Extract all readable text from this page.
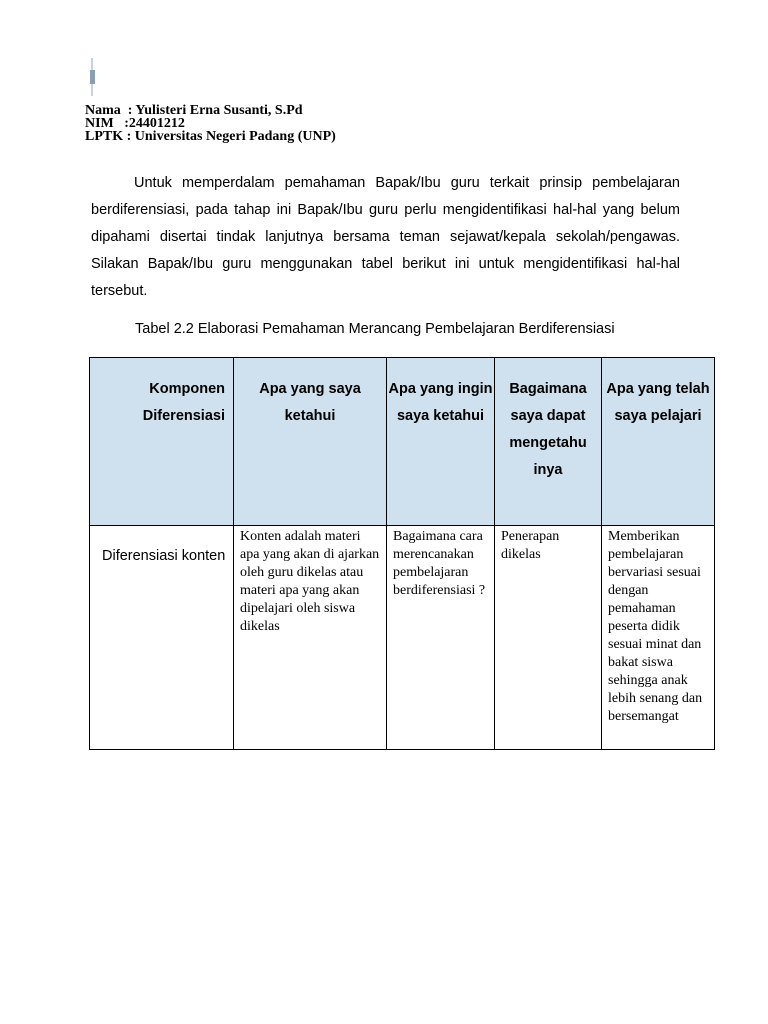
Nama  : Yulisteri Erna Susanti, S.Pd
NIM   :24401212
LPTK : Universitas Negeri Padang (UNP)

Untuk memperdalam pemahaman Bapak/Ibu guru terkait prinsip pembelajaran berdiferensiasi, pada tahap ini Bapak/Ibu guru perlu mengidentifikasi hal-hal yang belum dipahami disertai tindak lanjutnya bersama teman sejawat/kepala sekolah/pengawas. Silakan Bapak/Ibu guru menggunakan tabel berikut ini untuk mengidentifikasi hal-hal tersebut.

Tabel 2.2 Elaborasi Pemahaman Merancang Pembelajaran Berdiferensiasi
Komponen Diferensiasi	Apa yang saya ketahui	Apa yang ingin saya ketahui	Bagaimana saya dapat mengetahu inya	Apa yang telah saya pelajari
Diferensiasi konten	Konten adalah materi apa yang akan di ajarkan oleh guru dikelas atau materi apa yang akan dipelajari oleh siswa dikelas	Bagaimana cara merencanakan pembelajaran berdiferensiasi ?	Penerapan dikelas	Memberikan pembelajaran bervariasi sesuai dengan pemahaman peserta didik sesuai minat dan bakat siswa sehingga anak lebih senang dan bersemangat
